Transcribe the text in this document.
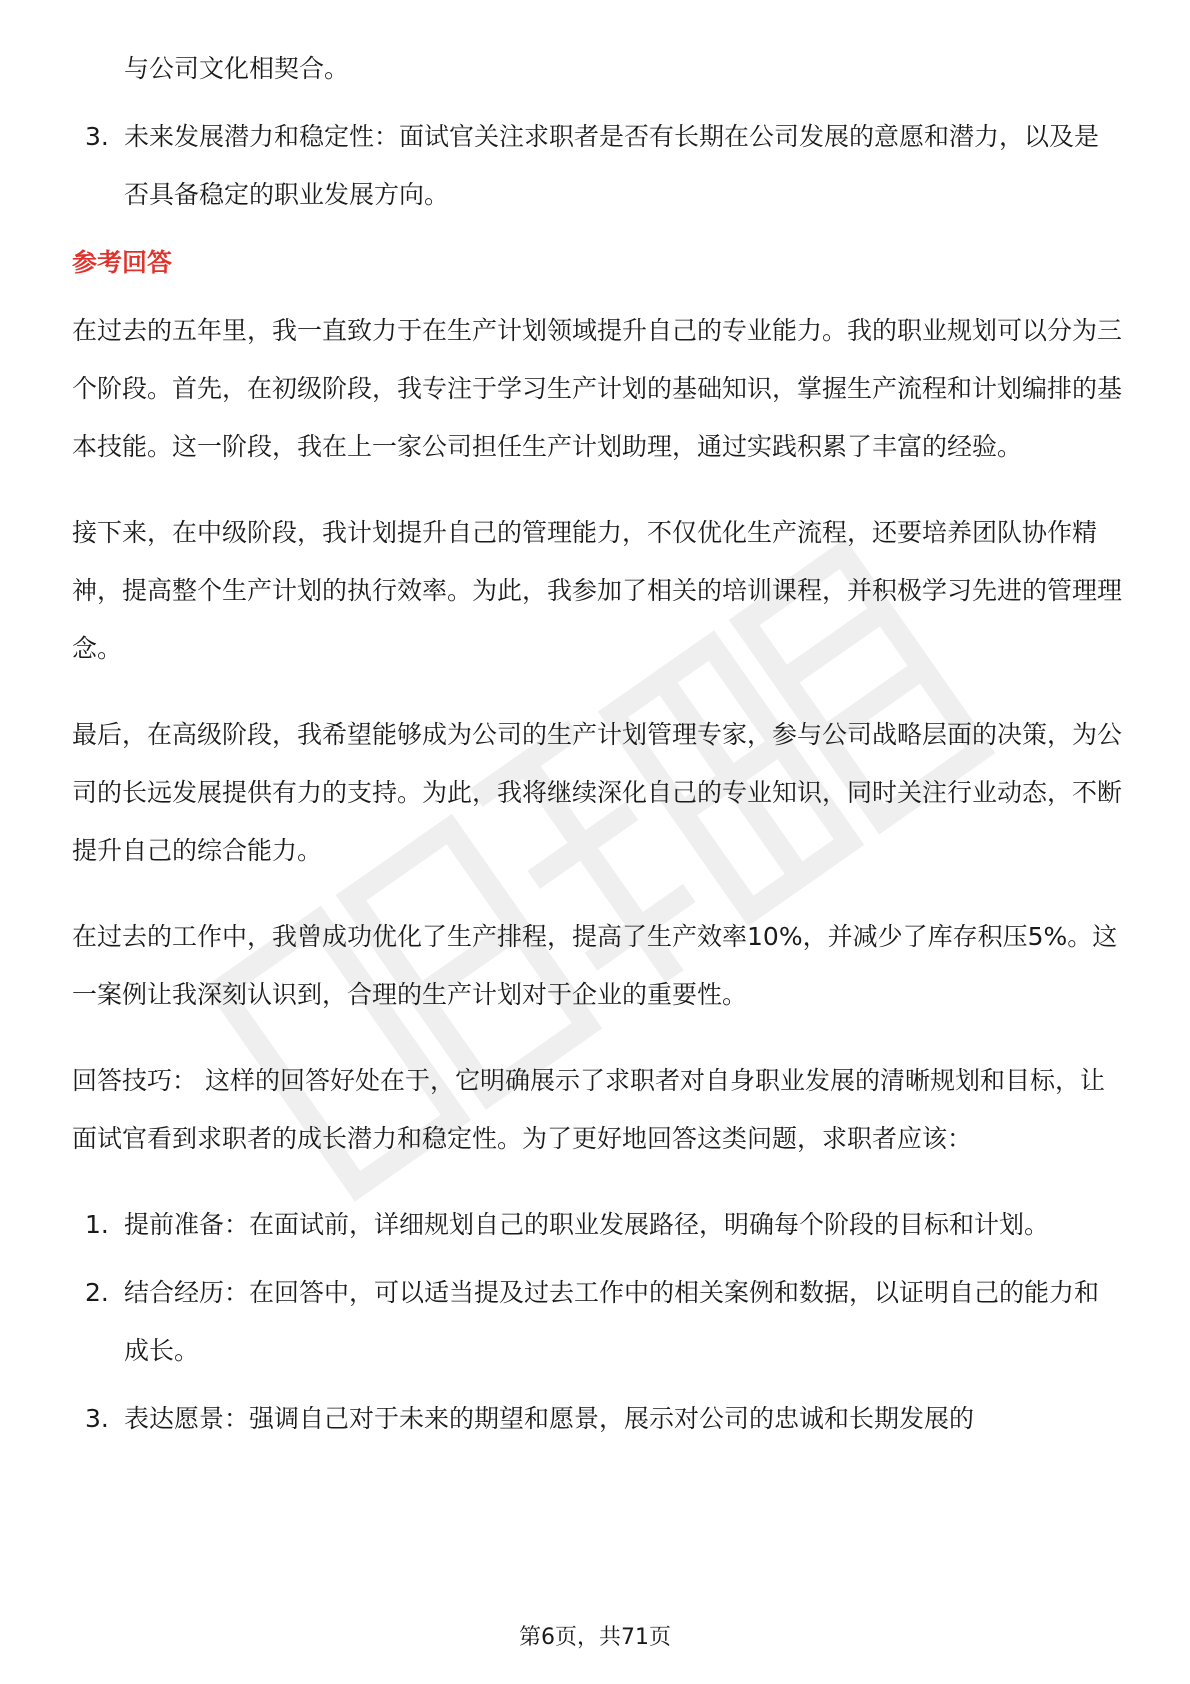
与公司文化相契合。

3. 未来发展潜力和稳定性：面试官关注求职者是否有长期在公司发展的意愿和潜力，以及是否具备稳定的职业发展方向。

参考回答

在过去的五年里，我一直致力于在生产计划领域提升自己的专业能力。我的职业规划可以分为三个阶段。首先，在初级阶段，我专注于学习生产计划的基础知识，掌握生产流程和计划编排的基本技能。这一阶段，我在上一家公司担任生产计划助理，通过实践积累了丰富的经验。

接下来，在中级阶段，我计划提升自己的管理能力，不仅优化生产流程，还要培养团队协作精神，提高整个生产计划的执行效率。为此，我参加了相关的培训课程，并积极学习先进的管理理念。

最后，在高级阶段，我希望能够成为公司的生产计划管理专家，参与公司战略层面的决策，为公司的长远发展提供有力的支持。为此，我将继续深化自己的专业知识，同时关注行业动态，不断提升自己的综合能力。

在过去的工作中，我曾成功优化了生产排程，提高了生产效率10%，并减少了库存积压5%。这一案例让我深刻认识到，合理的生产计划对于企业的重要性。

回答技巧： 这样的回答好处在于，它明确展示了求职者对自身职业发展的清晰规划和目标，让面试官看到求职者的成长潜力和稳定性。为了更好地回答这类问题，求职者应该：

1. 提前准备：在面试前，详细规划自己的职业发展路径，明确每个阶段的目标和计划。

2. 结合经历：在回答中，可以适当提及过去工作中的相关案例和数据，以证明自己的能力和成长。

3. 表达愿景：强调自己对于未来的期望和愿景，展示对公司的忠诚和长期发展的

第6页，共71页
